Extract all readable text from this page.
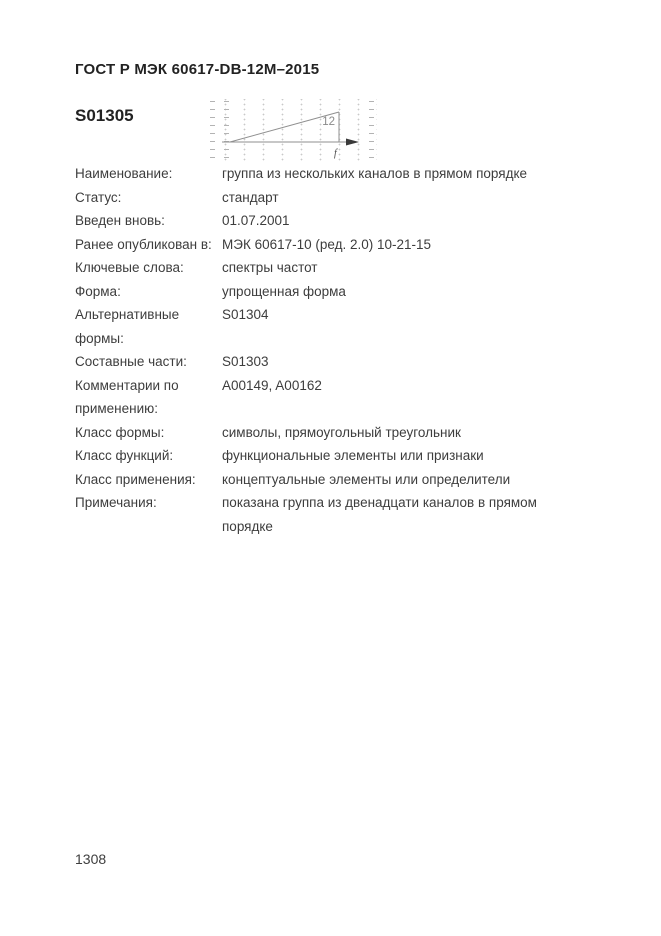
ГОСТ Р МЭК 60617-DB-12M–2015
S01305	12
f
Наименование:	группа из нескольких каналов в прямом порядке
Статус:	стандарт
Введен вновь:	01.07.2001
Ранее опубликован в: МЭК 60617-10 (ред. 2.0) 10-21-15
Ключевые слова:	спектры частот
Форма:	упрощенная форма
Альтернативные формы:
S01304
Составные части:	S01303
Комментарии по применению:
A00149, A00162
Класс формы:	символы, прямоугольный треугольник
Класс функций:	функциональные элементы или признаки
Класс применения:	концептуальные элементы или определители
Примечания:	показана группа из двенадцати каналов в прямом порядке
1308
